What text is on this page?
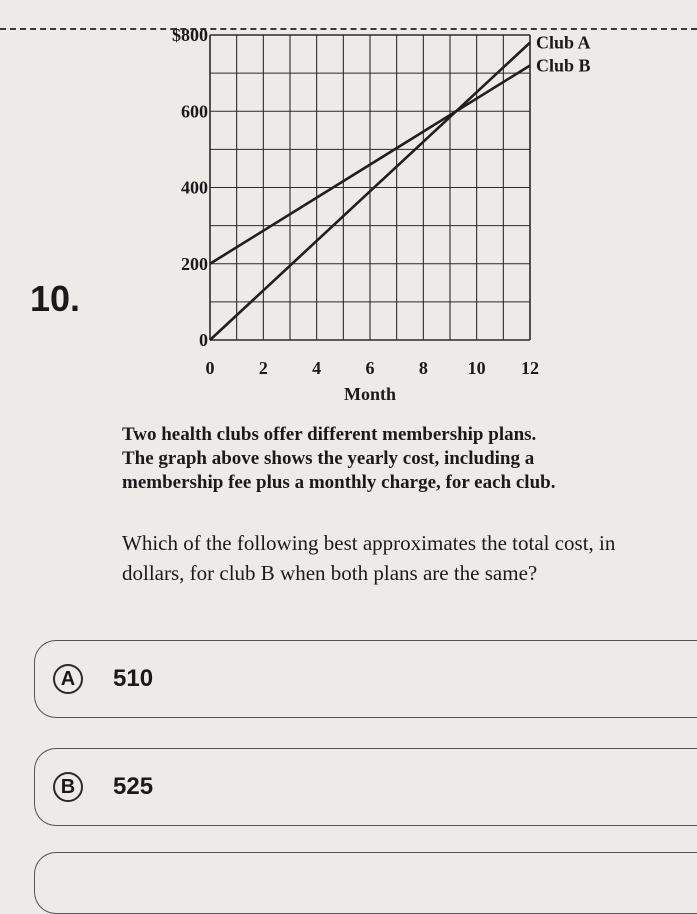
10.
Club A
Club B
0
200
400
600
$800
0 2 4 6 8 10 12
Month
Two health clubs offer different membership plans.
The graph above shows the yearly cost, including a
membership fee plus a monthly charge, for each club.
Which of the following best approximates the total cost, in dollars, for club B when both plans are the same?
A	510
B	525
